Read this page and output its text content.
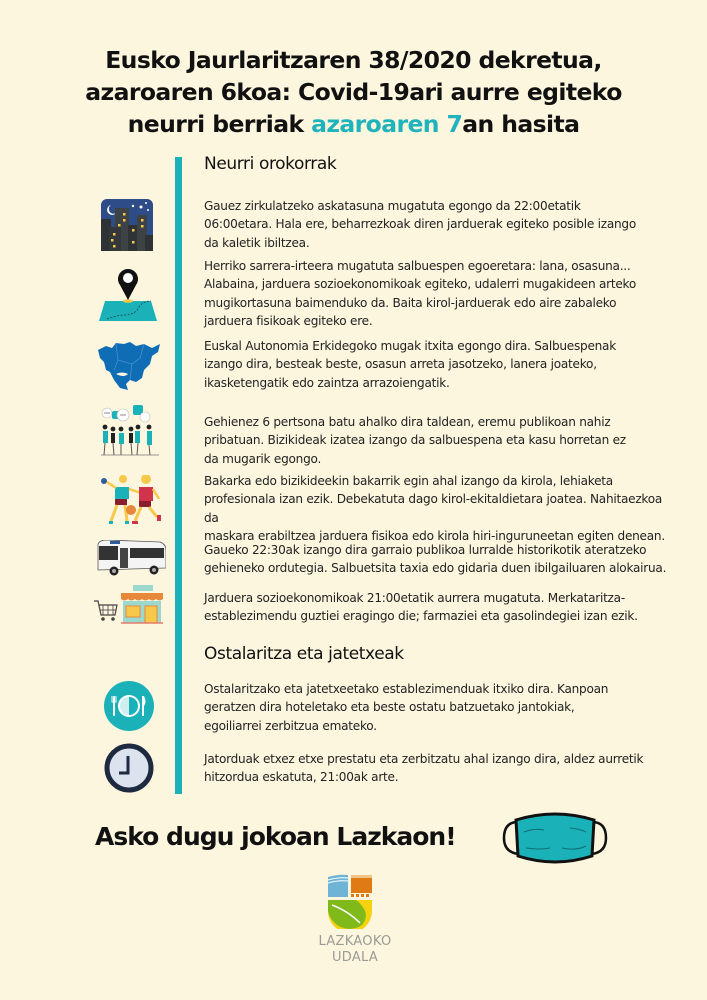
Eusko Jaurlaritzaren 38/2020 dekretua,
azaroaren 6koa: Covid-19ari aurre egiteko
neurri berriak azaroaren 7an hasita
Neurri orokorrak
Gauez zirkulatzeko askatasuna mugatuta egongo da 22:00etatik
06:00etara. Hala ere, beharrezkoak diren jarduerak egiteko posible izango
da kaletik ibiltzea.
Herriko sarrera-irteera mugatuta salbuespen egoeretara: lana, osasuna...
Alabaina, jarduera sozioekonomikoak egiteko, udalerri mugakideen arteko
mugikortasuna baimenduko da. Baita kirol-jarduerak edo aire zabaleko
jarduera fisikoak egiteko ere.
Euskal Autonomia Erkidegoko mugak itxita egongo dira. Salbuespenak
izango dira, besteak beste, osasun arreta jasotzeko, lanera joateko,
ikasketengatik edo zaintza arrazoiengatik.
Gehienez 6 pertsona batu ahalko dira taldean, eremu publikoan nahiz
pribatuan. Bizikideak izatea izango da salbuespena eta kasu horretan ez
da mugarik egongo.
Bakarka edo bizikideekin bakarrik egin ahal izango da kirola, lehiaketa
profesionala izan ezik. Debekatuta dago kirol-ekitaldietara joatea. Nahitaezkoa da
maskara erabiltzea jarduera fisikoa edo kirola hiri-inguruneetan egiten denean.
Gaueko 22:30ak izango dira garraio publikoa lurralde historikotik ateratzeko
gehieneko ordutegia. Salbuetsita taxia edo gidaria duen ibilgailuaren alokairua.
Jarduera sozioekonomikoak 21:00etatik aurrera mugatuta. Merkataritza-
establezimendu guztiei eragingo die; farmaziei eta gasolindegiei izan ezik.
Ostalaritza eta jatetxeak
Ostalaritzako eta jatetxeetako establezimenduak itxiko dira. Kanpoan
geratzen dira hoteletako eta beste ostatu batzuetako jantokiak,
egoiliarrei zerbitzua emateko.
Jatorduak etxez etxe prestatu eta zerbitzatu ahal izango dira, aldez aurretik
hitzordua eskatuta, 21:00ak arte.
Asko dugu jokoan Lazkaon!
LAZKAOKO
UDALA
